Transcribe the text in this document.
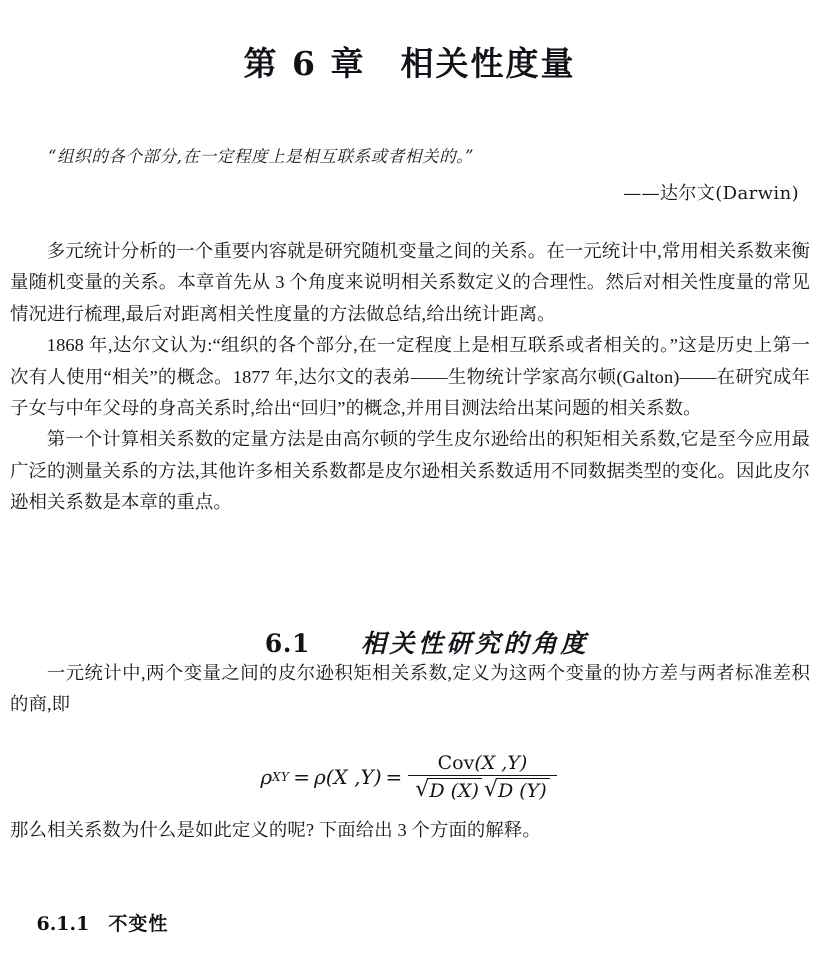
第 6 章　相关性度量
“组织的各个部分,在一定程度上是相互联系或者相关的。”
——达尔文(Darwin)

多元统计分析的一个重要内容就是研究随机变量之间的关系。在一元统计中,常用相关系数来衡量随机变量的关系。本章首先从 3 个角度来说明相关系数定义的合理性。然后对相关性度量的常见情况进行梳理,最后对距离相关性度量的方法做总结,给出统计距离。

1868 年,达尔文认为:“组织的各个部分,在一定程度上是相互联系或者相关的。”这是历史上第一次有人使用“相关”的概念。1877 年,达尔文的表弟——生物统计学家高尔顿(Galton)——在研究成年子女与中年父母的身高关系时,给出“回归”的概念,并用目测法给出某问题的相关系数。

第一个计算相关系数的定量方法是由高尔顿的学生皮尔逊给出的积矩相关系数,它是至今应用最广泛的测量关系的方法,其他许多相关系数都是皮尔逊相关系数适用不同数据类型的变化。因此皮尔逊相关系数是本章的重点。

6.1　　 相关性研究的角度

一元统计中,两个变量之间的皮尔逊积矩相关系数,定义为这两个变量的协方差与两者标准差积的商,即

ρ XY = ρ (X $,Y) = \frac{\text{Cov(X ,Y)}}{√ D (X) √ D (Y)}$

那么相关系数为什么是如此定义的呢? 下面给出 3 个方面的解释。

6.1.1　 不变性
